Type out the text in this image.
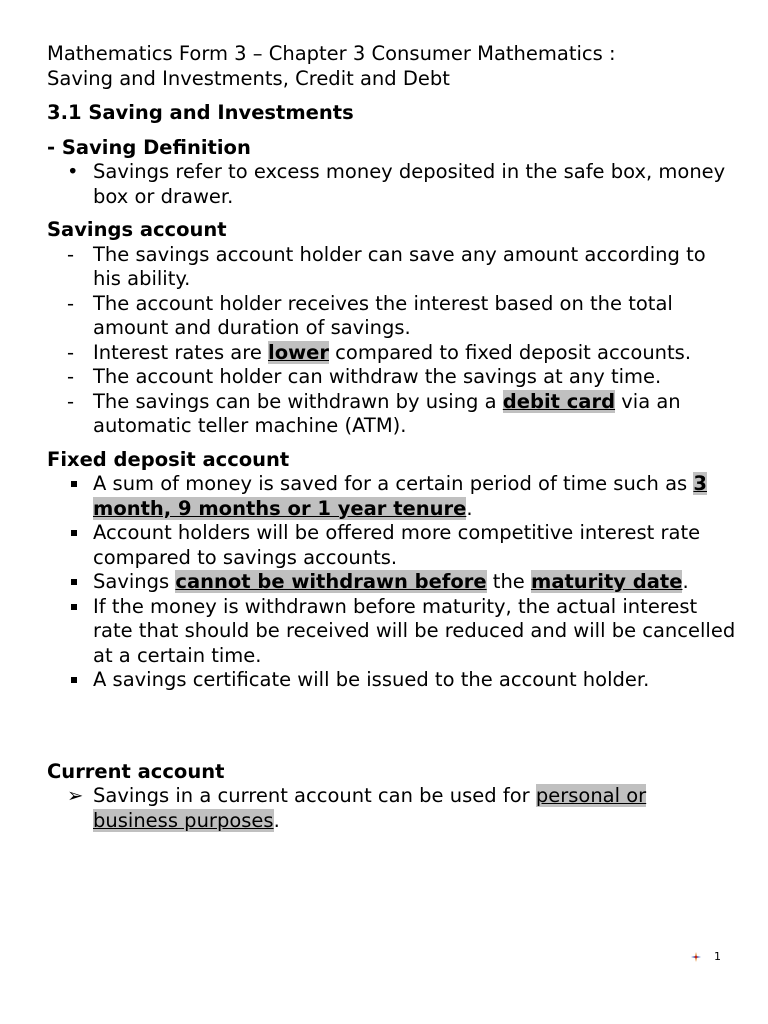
Mathematics Form 3 – Chapter 3 Consumer Mathematics :

Saving and Investments, Credit and Debt

3.1 Saving and Investments
- Saving Definition
• Savings refer to excess money deposited in the safe box, money box or drawer.
Savings account
- The savings account holder can save any amount according to his ability.
- The account holder receives the interest based on the total amount and duration of savings.
- Interest rates are lower compared to fixed deposit accounts.
- The account holder can withdraw the savings at any time.
- The savings can be withdrawn by using a debit card via an automatic teller machine (ATM).
Fixed deposit account
A sum of money is saved for a certain period of time such as 3 month, 9 months or 1 year tenure.
Account holders will be offered more competitive interest rate compared to savings accounts.
Savings cannot be withdrawn before the maturity date.
If the money is withdrawn before maturity, the actual interest rate that should be received will be reduced and will be cancelled at a certain time.
A savings certificate will be issued to the account holder.
Current account
➢ Savings in a current account can be used for personal or business purposes.
1
